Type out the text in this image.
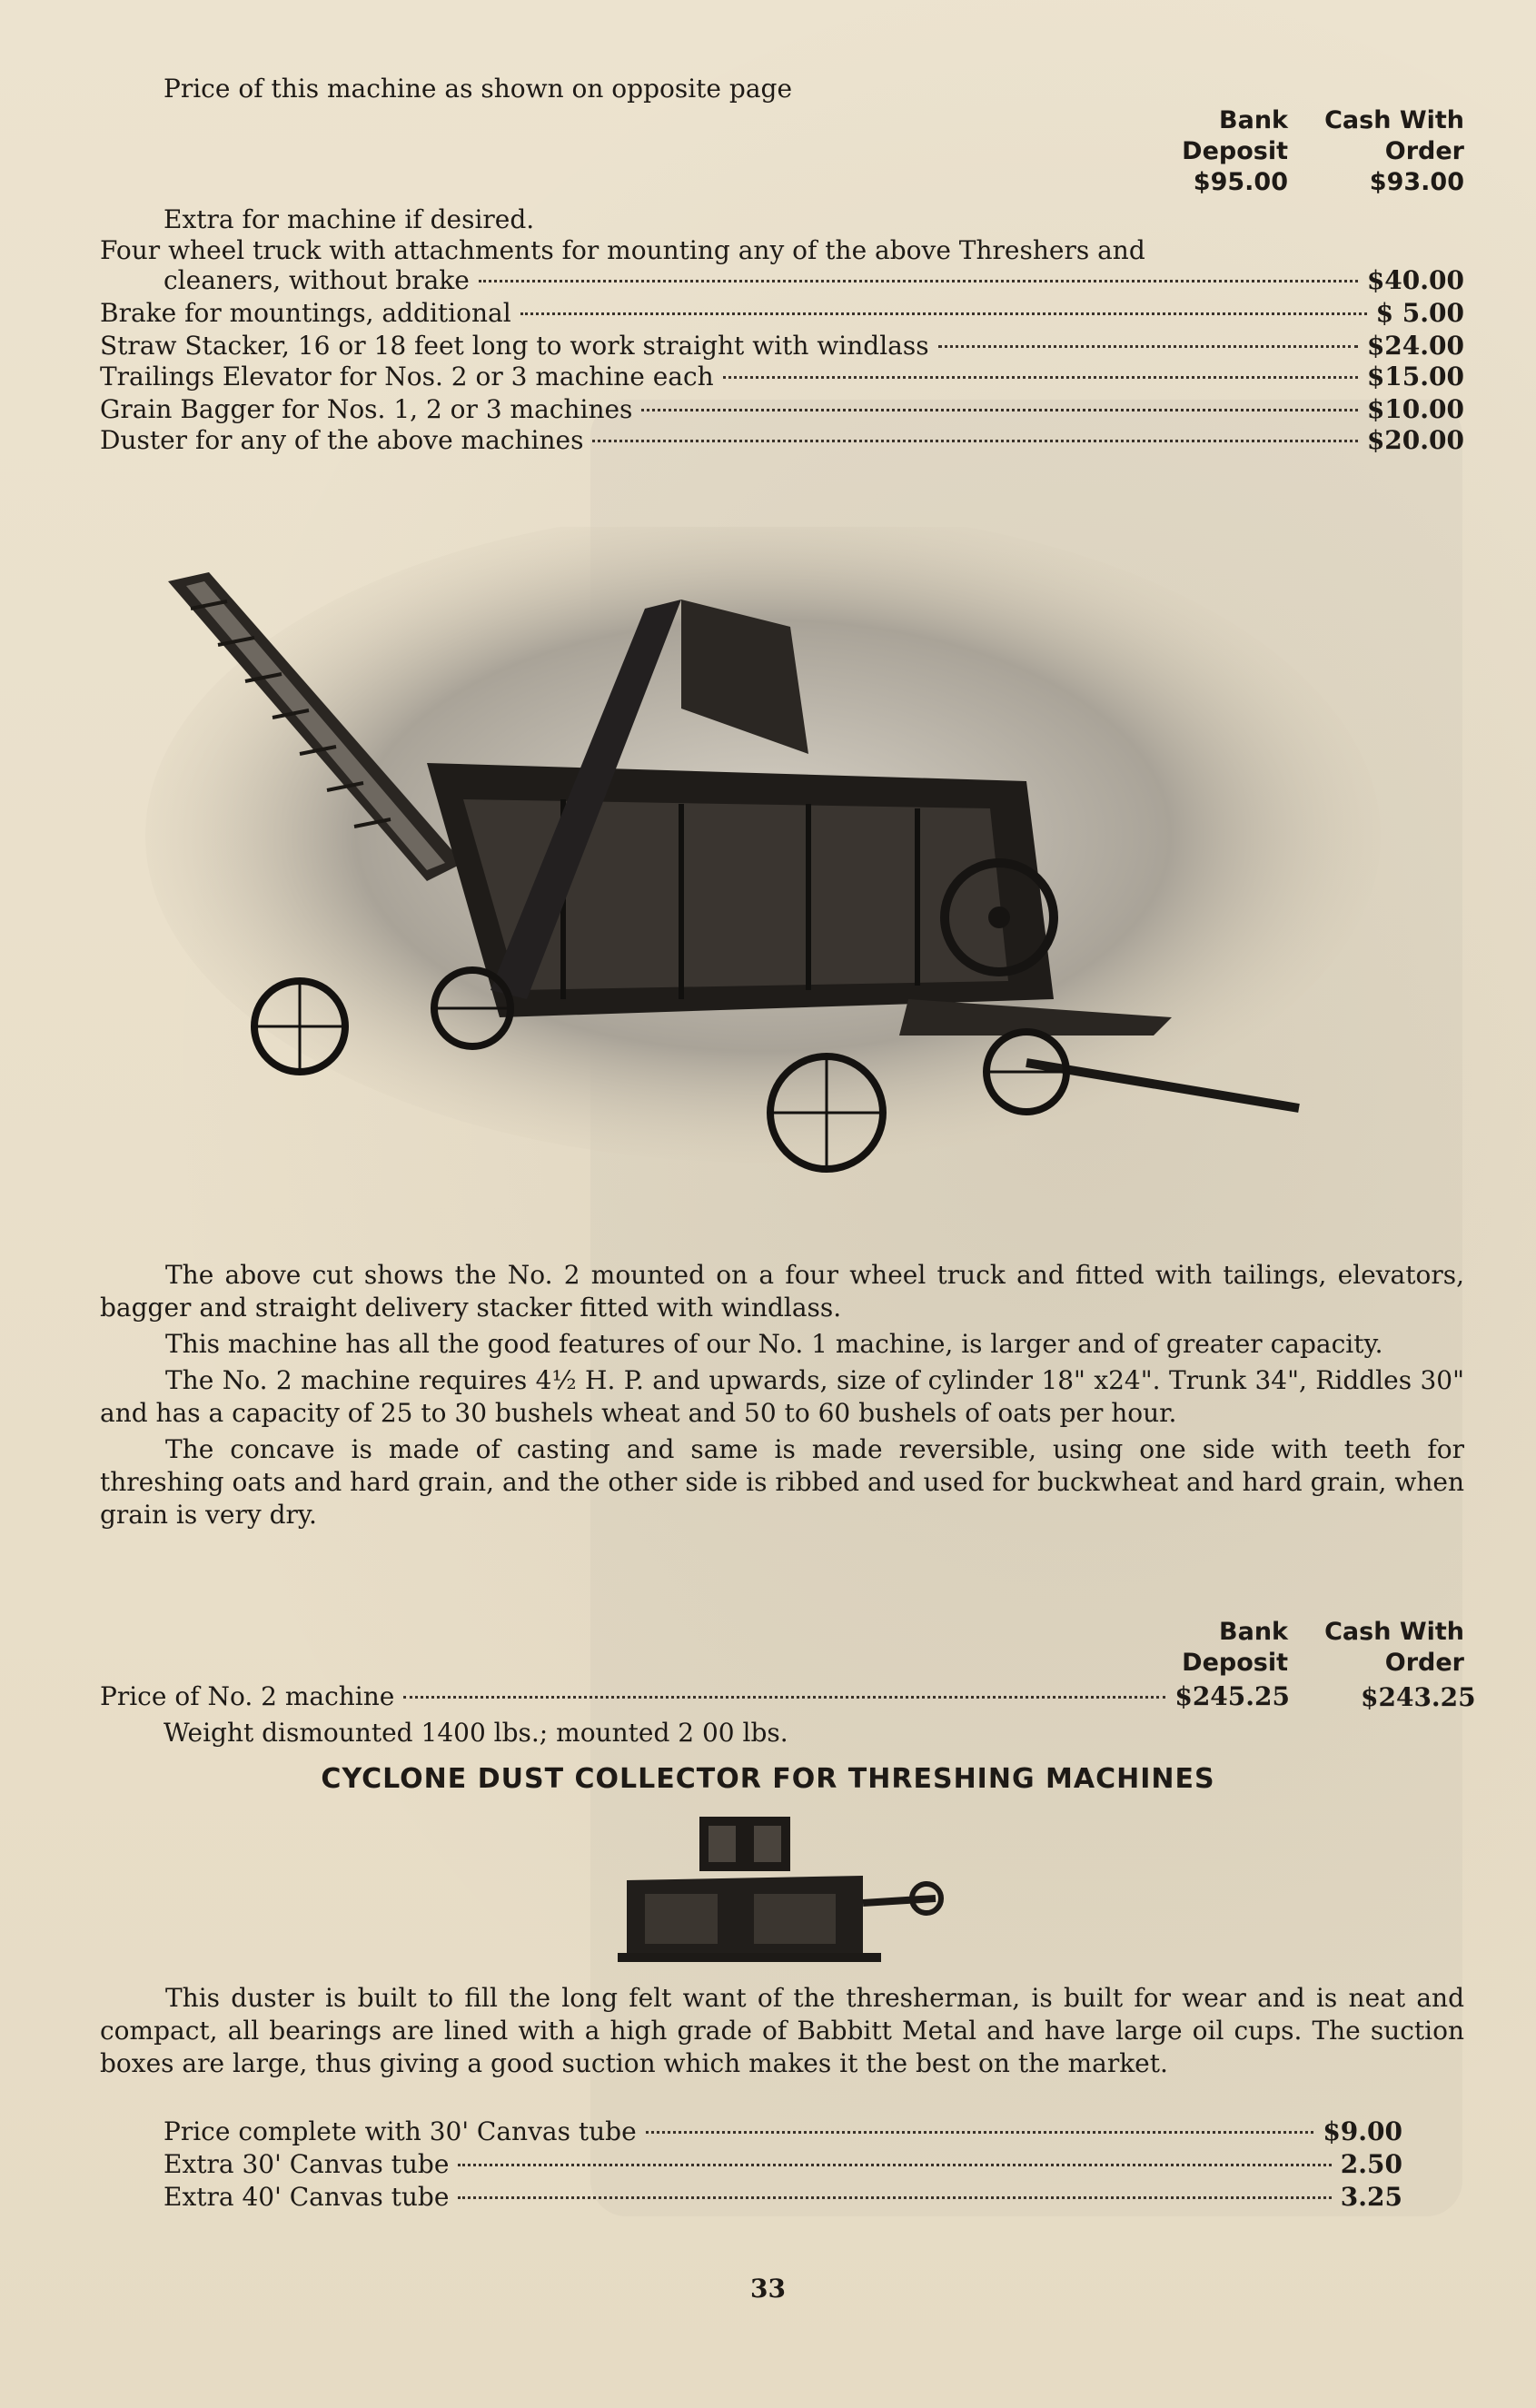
Price of this machine as shown on opposite page
Bank
Deposit
$95.00
Cash With
Order
$93.00
Extra for machine if desired.
Four wheel truck with attachments for mounting any of the above Threshers and
cleaners, without brake	$40.00
Brake for mountings, additional	$ 5.00
Straw Stacker, 16 or 18 feet long to work straight with windlass	$24.00
Trailings Elevator for Nos. 2 or 3 machine each	$15.00
Grain Bagger for Nos. 1, 2 or 3 machines	$10.00
Duster for any of the above machines	$20.00

The above cut shows the No. 2 mounted on a four wheel truck and fitted with tailings, elevators, bagger and straight delivery stacker fitted with windlass.

This machine has all the good features of our No. 1 machine, is larger and of greater capacity.

The No. 2 machine requires 4½ H. P. and upwards, size of cylinder 18" x24". Trunk 34", Riddles 30" and has a capacity of 25 to 30 bushels wheat and 50 to 60 bushels of oats per hour.

The concave is made of casting and same is made reversible, using one side with teeth for threshing oats and hard grain, and the other side is ribbed and used for buckwheat and hard grain, when grain is very dry.

Bank
Deposit
Cash With
Order
Price of No. 2 machine	$245.25	$243.25
Weight dismounted 1400 lbs.; mounted 2 00 lbs.
CYCLONE DUST COLLECTOR FOR THRESHING MACHINES

This duster is built to fill the long felt want of the thresherman, is built for wear and is neat and compact, all bearings are lined with a high grade of Babbitt Metal and have large oil cups. The suction boxes are large, thus giving a good suction which makes it the best on the market.

Price complete with 30' Canvas tube	$9.00
Extra 30' Canvas tube	2.50
Extra 40' Canvas tube	3.25
33
